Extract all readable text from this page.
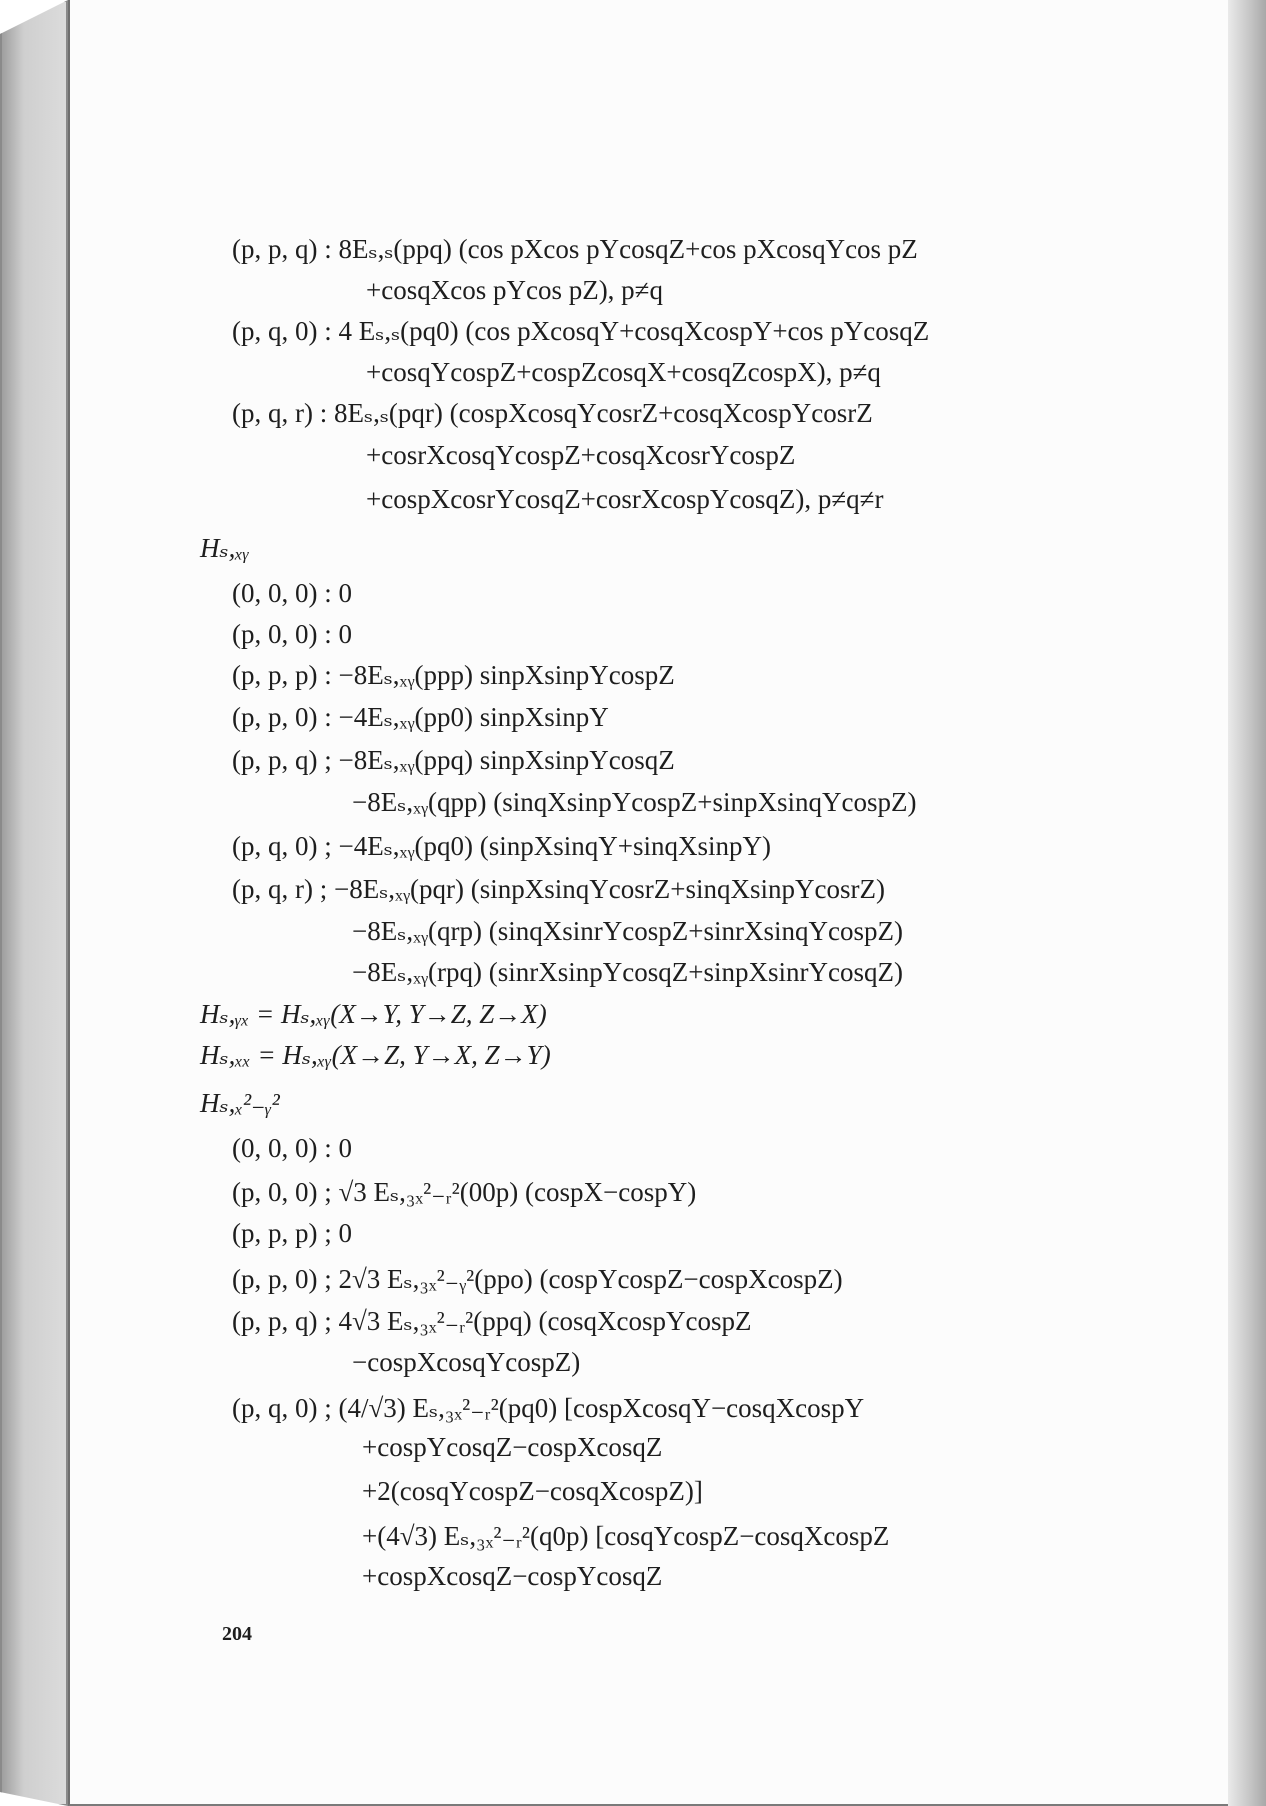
(p, p, q) : 8Eₛ,ₛ(ppq) (cos pXcos pYcosqZ+cos pXcosqYcos pZ
+cosqXcos pYcos pZ), p≠q
(p, q, 0) : 4 Eₛ,ₛ(pq0) (cos pXcosqY+cosqXcospY+cos pYcosqZ
+cosqYcospZ+cospZcosqX+cosqZcospX), p≠q
(p, q, r) : 8Eₛ,ₛ(pqr) (cospXcosqYcosrZ+cosqXcospYcosrZ
+cosrXcosqYcospZ+cosqXcosrYcospZ
+cospXcosrYcosqZ+cosrXcospYcosqZ), p≠q≠r
Hₛ,ₓᵧ
(0, 0, 0) : 0
(p, 0, 0) : 0
(p, p, p) : −8Eₛ,ₓᵧ(ppp) sinpXsinpYcospZ
(p, p, 0) : −4Eₛ,ₓᵧ(pp0) sinpXsinpY
(p, p, q) ; −8Eₛ,ₓᵧ(ppq) sinpXsinpYcosqZ
−8Eₛ,ₓᵧ(qpp) (sinqXsinpYcospZ+sinpXsinqYcospZ)
(p, q, 0) ; −4Eₛ,ₓᵧ(pq0) (sinpXsinqY+sinqXsinpY)
(p, q, r) ; −8Eₛ,ₓᵧ(pqr) (sinpXsinqYcosrZ+sinqXsinpYcosrZ)
−8Eₛ,ₓᵧ(qrp) (sinqXsinrYcospZ+sinrXsinqYcospZ)
−8Eₛ,ₓᵧ(rpq) (sinrXsinpYcosqZ+sinpXsinrYcosqZ)
Hₛ,ᵧₓ = Hₛ,ₓᵧ(X→Y, Y→Z, Z→X)
Hₛ,ₓₓ = Hₛ,ₓᵧ(X→Z, Y→X, Z→Y)
Hₛ,ₓ²₋ᵧ²
(0, 0, 0) : 0
(p, 0, 0) ; √3 Eₛ,₃ₓ²₋ᵣ²(00p) (cospX−cospY)
(p, p, p) ; 0
(p, p, 0) ; 2√3 Eₛ,₃ₓ²₋ᵧ²(ppo) (cospYcospZ−cospXcospZ)
(p, p, q) ; 4√3 Eₛ,₃ₓ²₋ᵣ²(ppq) (cosqXcospYcospZ
−cospXcosqYcospZ)
(p, q, 0) ; (4/√3) Eₛ,₃ₓ²₋ᵣ²(pq0) [cospXcosqY−cosqXcospY
+cospYcosqZ−cospXcosqZ
+2(cosqYcospZ−cosqXcospZ)]
+(4√3) Eₛ,₃ₓ²₋ᵣ²(q0p) [cosqYcospZ−cosqXcospZ
+cospXcosqZ−cospYcosqZ
204
